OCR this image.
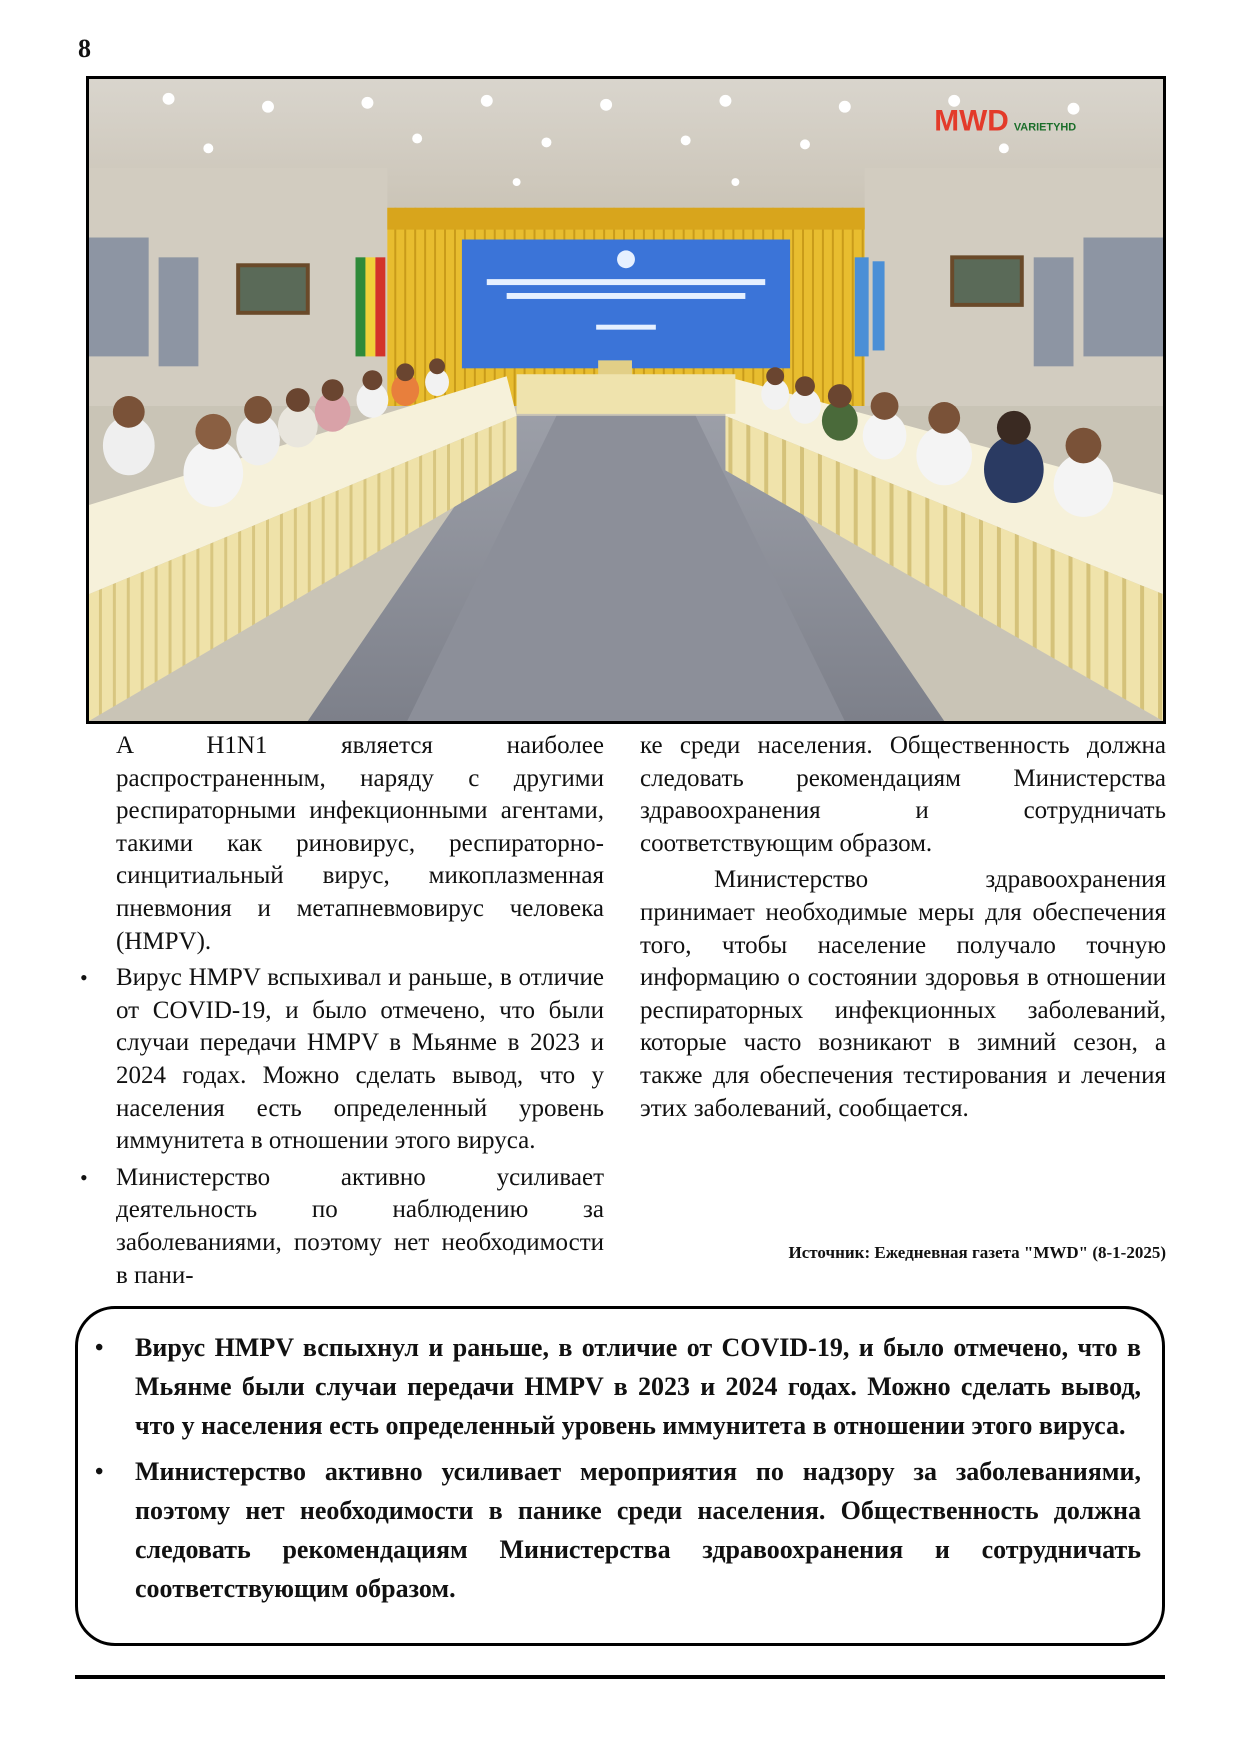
8
MWD VARIETYHD

A H1N1 является наиболее распространенным, наряду с другими респираторными инфекционными агентами, такими как риновирус, респираторно-синцитиальный вирус, микоплазменная пневмония и метапневмовирус человека (HMPV).

• Вирус HMPV вспыхивал и раньше, в отличие от COVID-19, и было отмечено, что были случаи передачи HMPV в Мьянме в 2023 и 2024 годах. Можно сделать вывод, что у населения есть определенный уровень иммунитета в отношении этого вируса.

• Министерство активно усиливает деятельность по наблюдению за заболеваниями, поэтому нет необходимости в пани-

ке среди населения. Общественность должна следовать рекомендациям Министерства здравоохранения и сотрудничать соответствующим образом.

Министерство здравоохранения принимает необходимые меры для обеспечения того, чтобы население получало точную информацию о состоянии здоровья в отношении респираторных инфекционных заболеваний, которые часто возникают в зимний сезон, а также для обеспечения тестирования и лечения этих заболеваний, сообщается.

Источник: Ежедневная газета "MWD" (8-1-2025)
• Вирус HMPV вспыхнул и раньше, в отличие от COVID-19, и было отмечено, что в Мьянме были случаи передачи HMPV в 2023 и 2024 годах. Можно сделать вывод, что у населения есть определенный уровень иммунитета в отношении этого вируса.
• Министерство активно усиливает мероприятия по надзору за заболеваниями, поэтому нет необходимости в панике среди населения. Общественность должна следовать рекомендациям Министерства здравоохранения и сотрудничать соответствующим образом.
